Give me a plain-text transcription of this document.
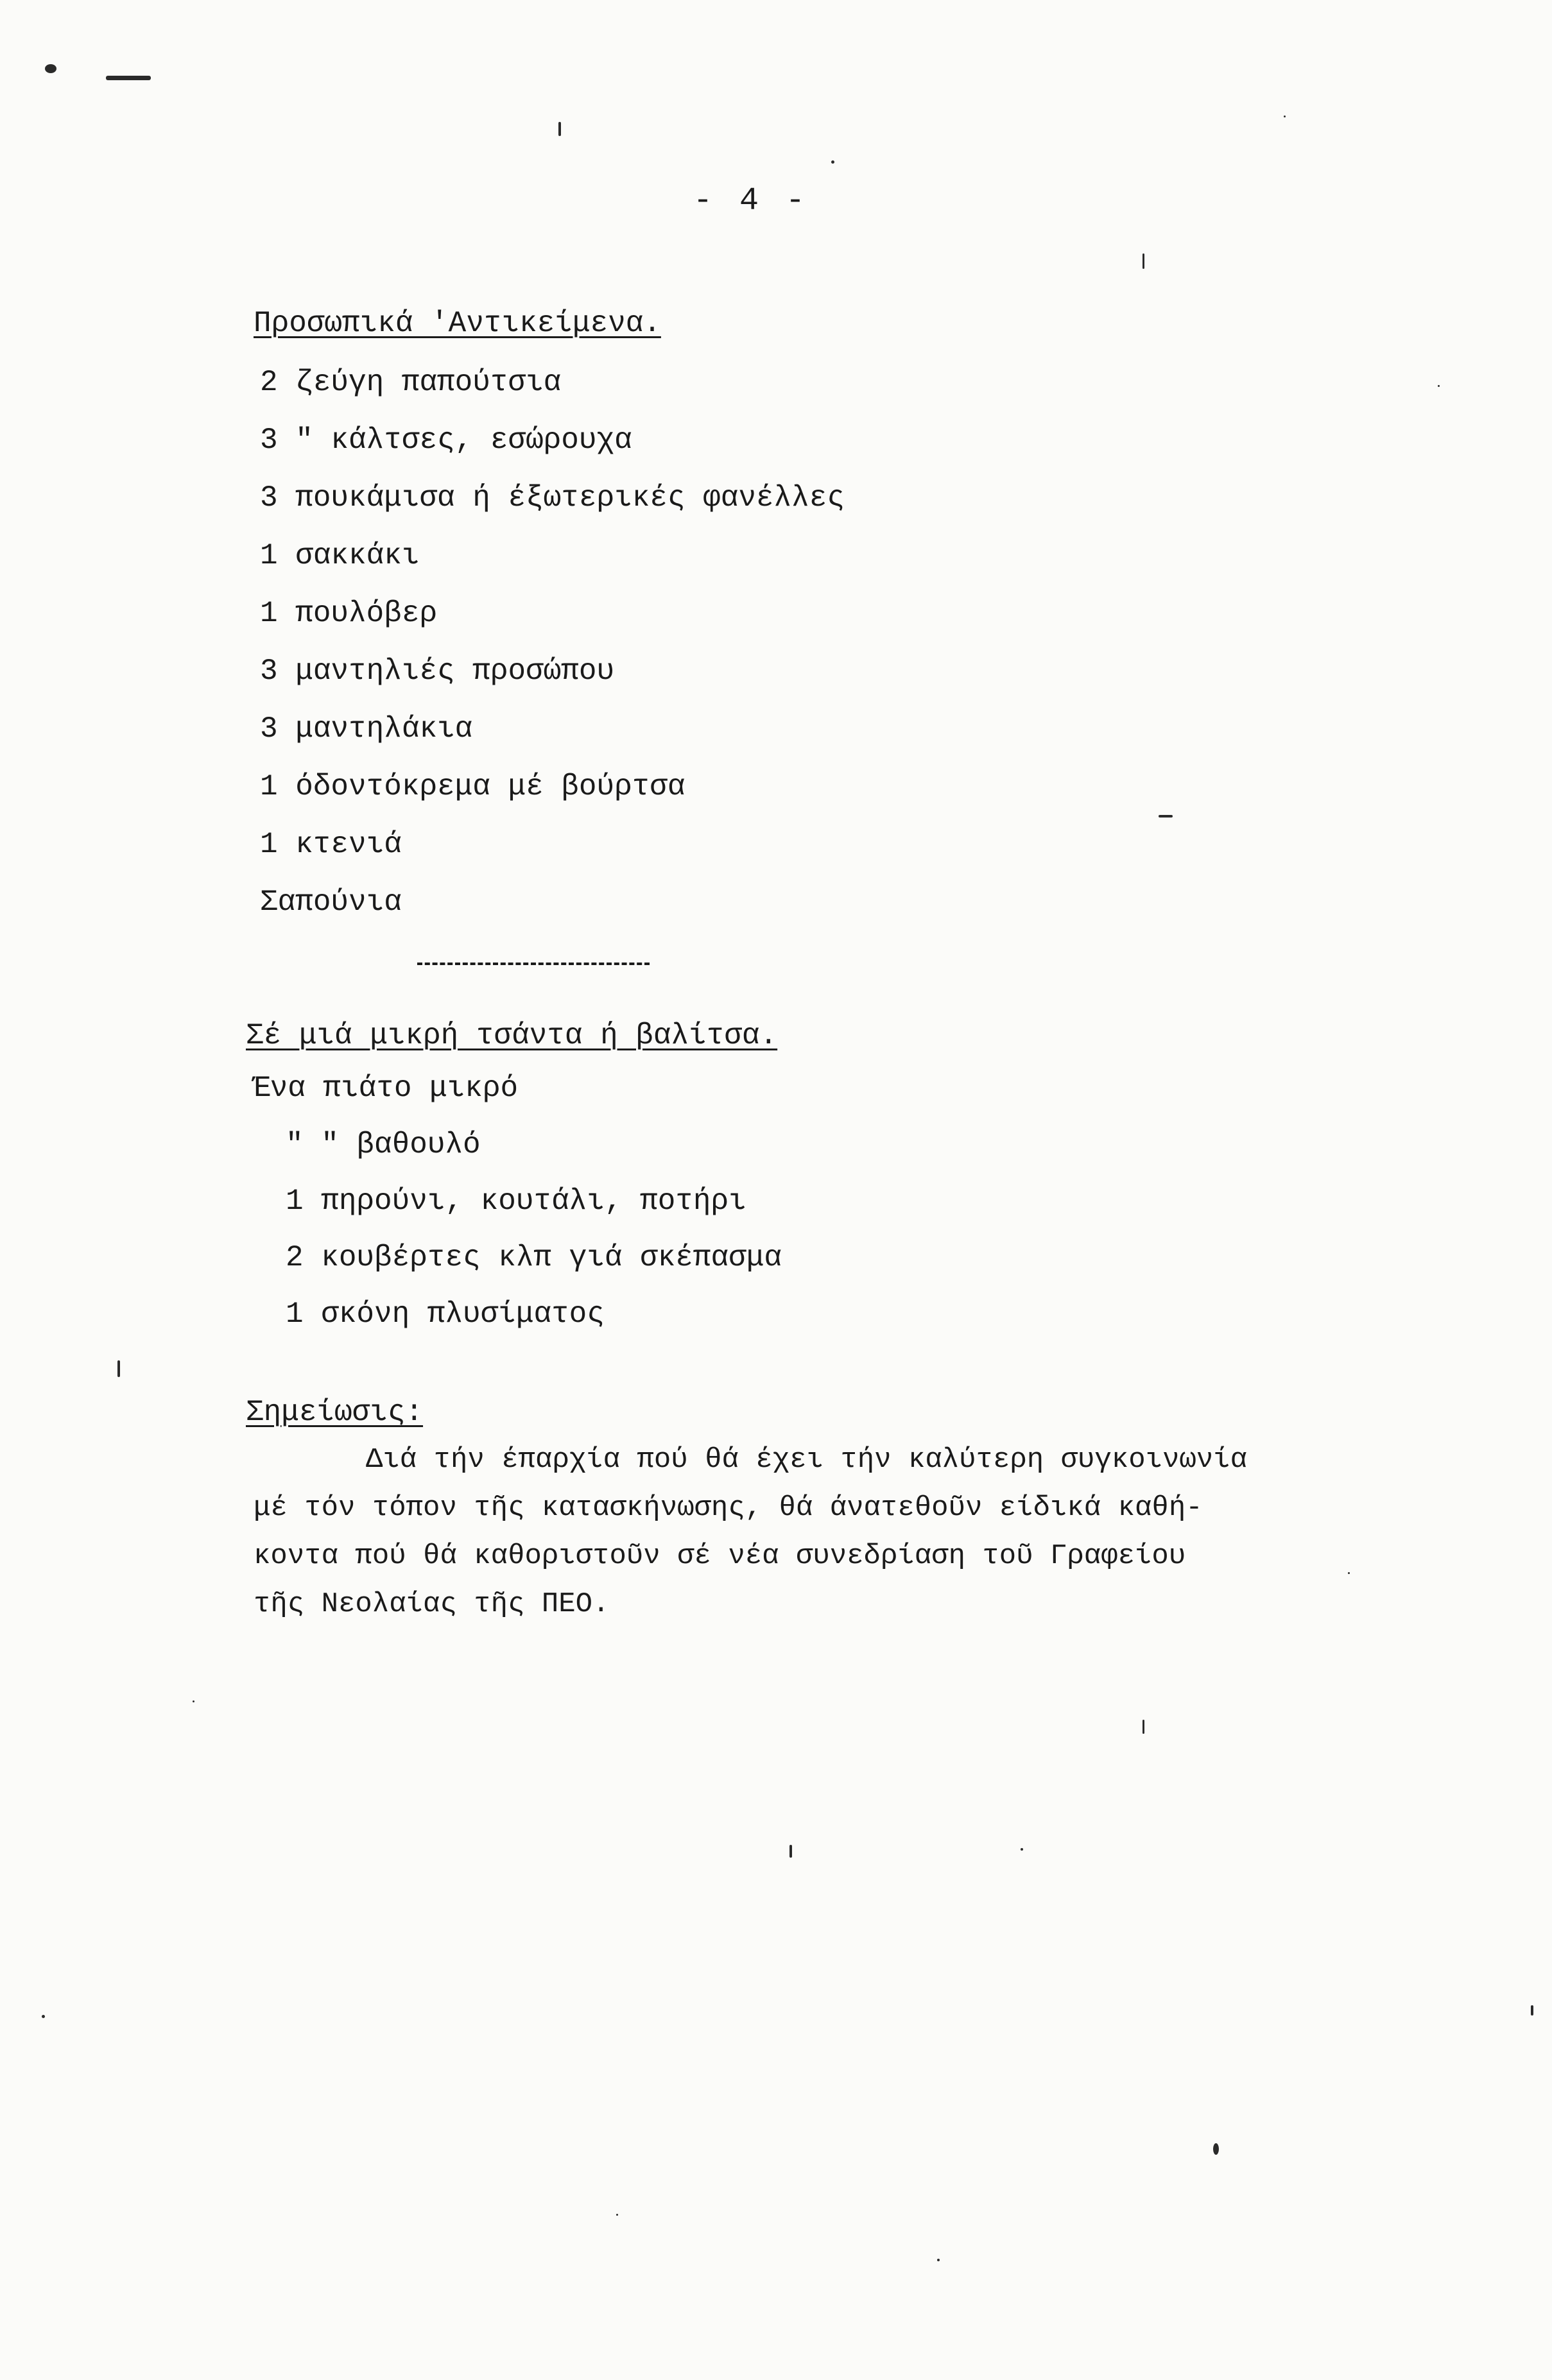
- 4 -
Προσωπικά 'Αντικείμενα.
2 ζεύγη παπούτσια
3 " κάλτσες, εσώρουχα
3 πουκάμισα ή έξωτερικές φανέλλες
1 σακκάκι
1 πουλόβερ
3 μαντηλιές προσώπου
3 μαντηλάκια
1 όδοντόκρεμα μέ βούρτσα
1 κτενιά
Σαπούνια
Σέ μιά μικρή τσάντα ή βαλίτσα.
Ένα πιάτο μικρό
" " βαθουλό
1 πηρούνι, κουτάλι, ποτήρι
2 κουβέρτες κλπ γιά σκέπασμα
1 σκόνη πλυσίματος
Σημείωσις:
Διά τήν έπαρχία πού θά έχει τήν καλύτερη συγκοινωνία
μέ τόν τόπον τῆς κατασκήνωσης, θά άνατεθοῦν είδικά καθή-
κοντα πού θά καθοριστοῦν σέ νέα συνεδρίαση τοῦ Γραφείου
τῆς Νεολαίας τῆς ΠΕΟ.
